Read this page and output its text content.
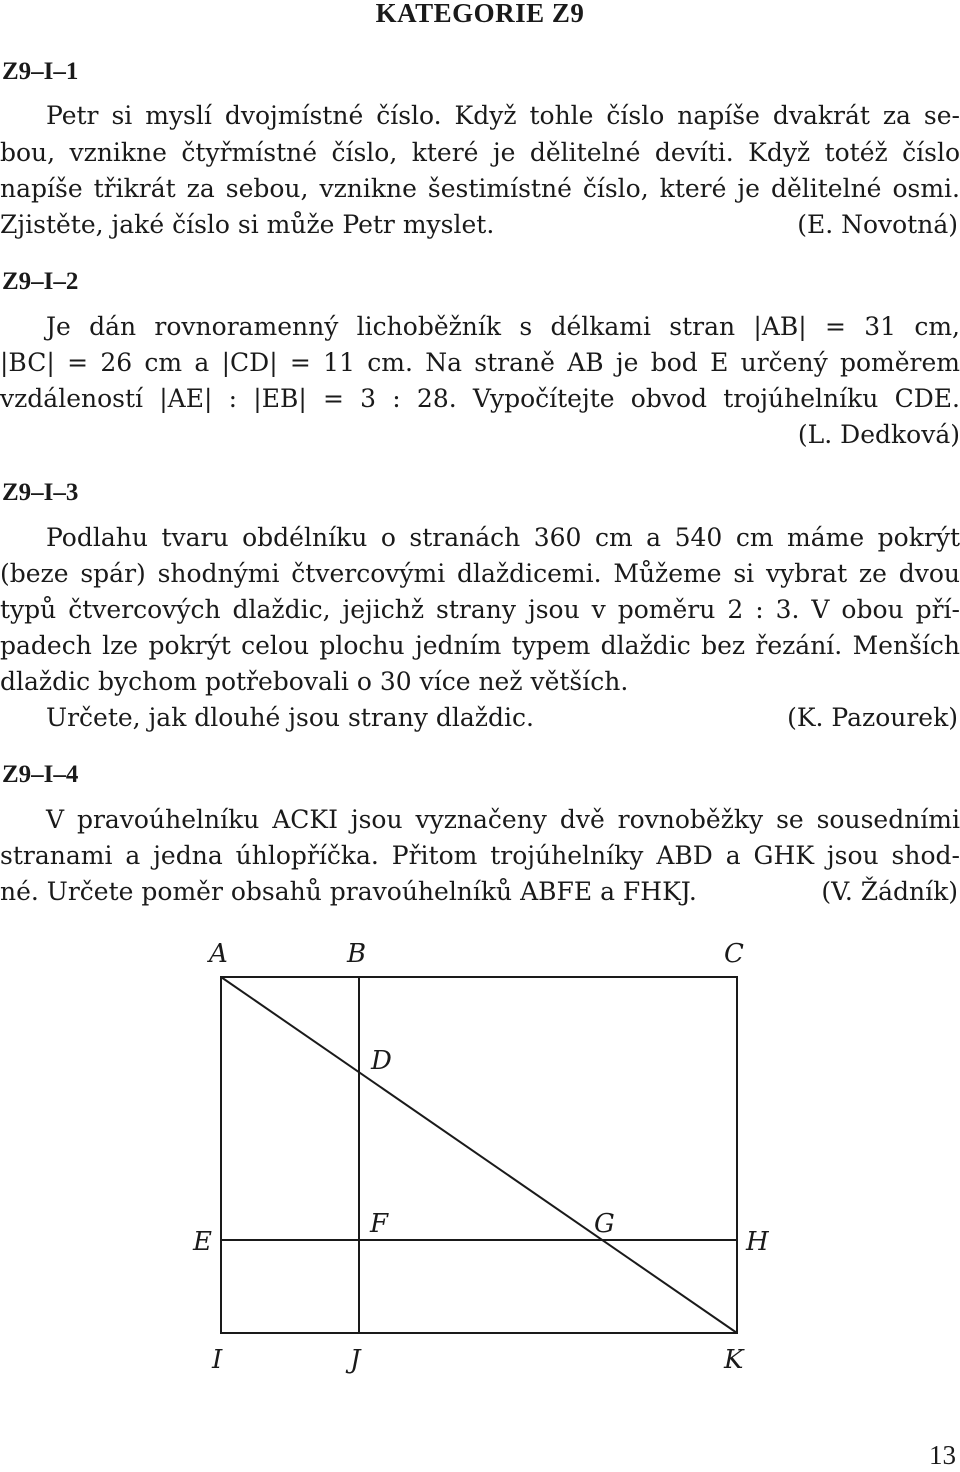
KATEGORIE Z9
Z9–I–1
Petr si myslí dvojmístné číslo. Když tohle číslo napíše dvakrát za se-
bou, vznikne čtyřmístné číslo, které je dělitelné devíti. Když totéž číslo
napíše třikrát za sebou, vznikne šestimístné číslo, které je dělitelné osmi.
Zjistěte, jaké číslo si může Petr myslet.	(E. Novotná)
Z9–I–2
Je dán rovnoramenný lichoběžník s délkami stran |AB| = 31 cm,
|BC| = 26 cm a |CD| = 11 cm. Na straně AB je bod E určený poměrem
vzdáleností |AE| : |EB| = 3 : 28. Vypočítejte obvod trojúhelníku CDE.
(L. Dedková)
Z9–I–3
Podlahu tvaru obdélníku o stranách 360 cm a 540 cm máme pokrýt
(beze spár) shodnými čtvercovými dlaždicemi. Můžeme si vybrat ze dvou
typů čtvercových dlaždic, jejichž strany jsou v poměru 2 : 3. V obou pří-
padech lze pokrýt celou plochu jedním typem dlaždic bez řezání. Menších
dlaždic bychom potřebovali o 30 více než větších.
Určete, jak dlouhé jsou strany dlaždic.	(K. Pazourek)
Z9–I–4
V pravoúhelníku ACKI jsou vyznačeny dvě rovnoběžky se sousedními
stranami a jedna úhlopříčka. Přitom trojúhelníky ABD a GHK jsou shod-
né. Určete poměr obsahů pravoúhelníků ABFE a FHKJ.	(V. Žádník)
A	B	C
D
E
F	G
H
I	J	K
13
